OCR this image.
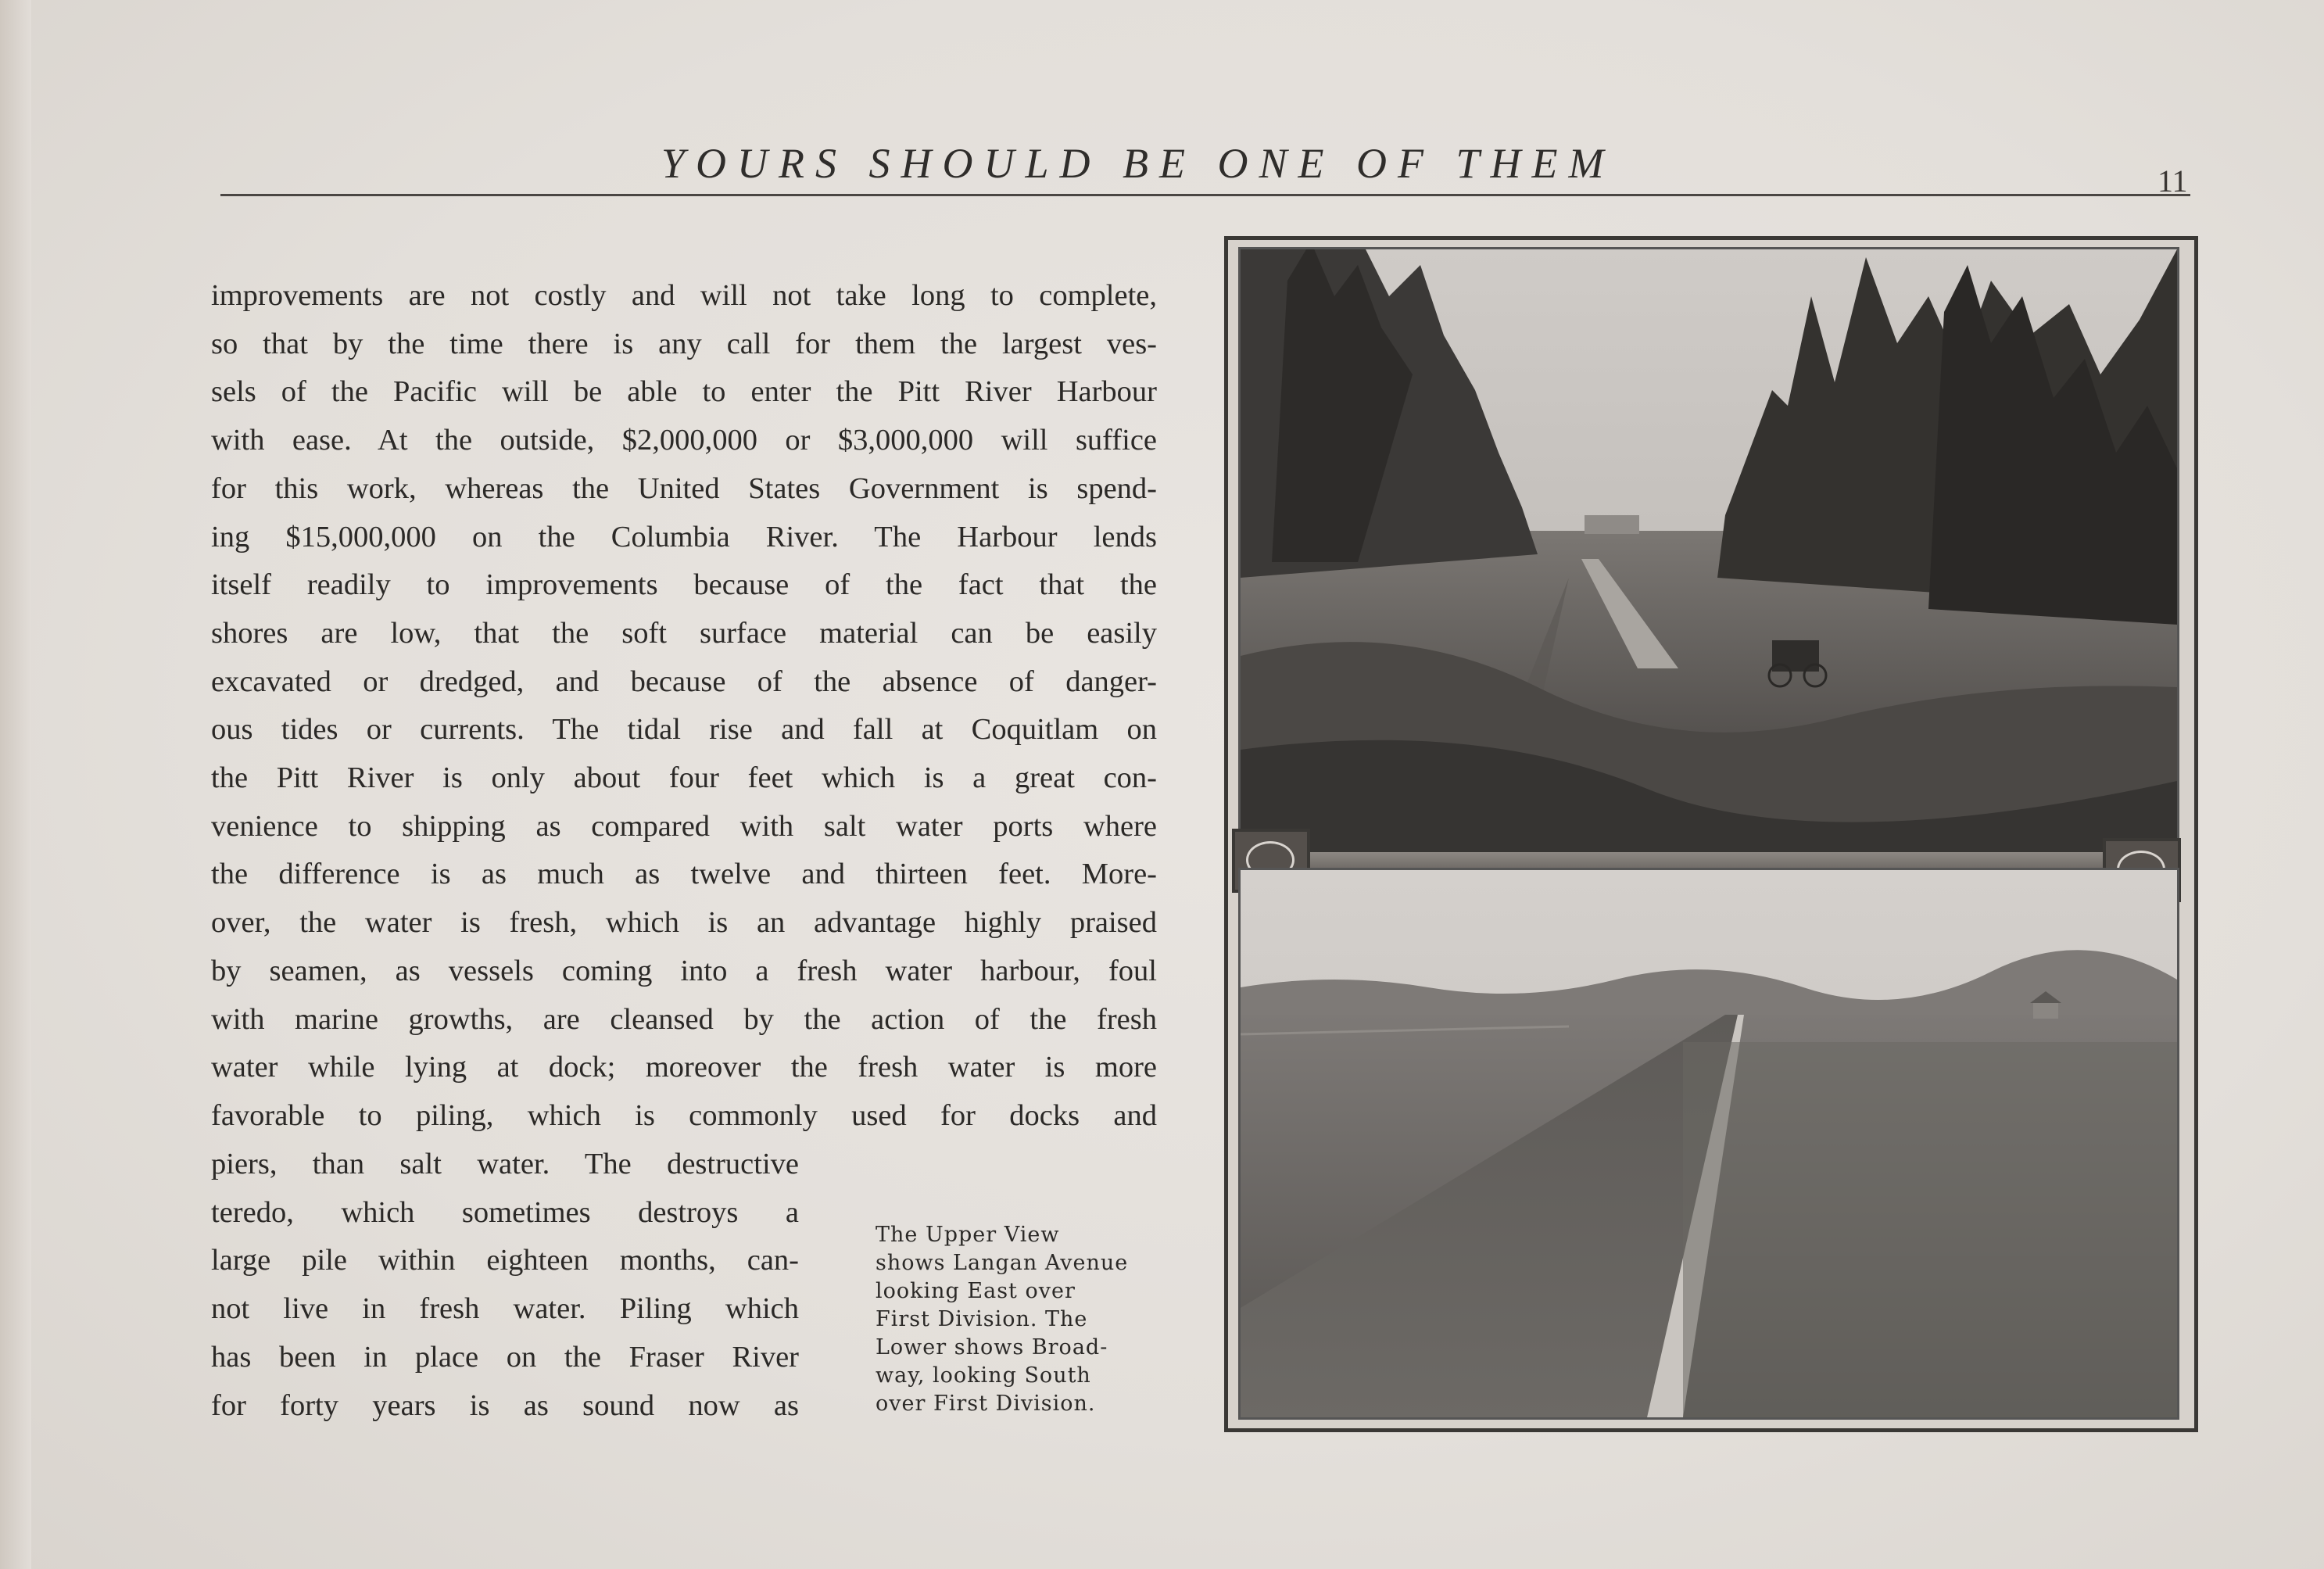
YOURS SHOULD BE ONE OF THEM	11
improvements are not costly and will not take long to complete,
so that by the time there is any call for them the largest ves-
sels of the Pacific will be able to enter the Pitt River Harbour
with ease. At the outside, $2,000,000 or $3,000,000 will suffice
for this work, whereas the United States Government is spend-
ing $15,000,000 on the Columbia River. The Harbour lends
itself readily to improvements because of the fact that the
shores are low, that the soft surface material can be easily
excavated or dredged, and because of the absence of danger-
ous tides or currents. The tidal rise and fall at Coquitlam on
the Pitt River is only about four feet which is a great con-
venience to shipping as compared with salt water ports where
the difference is as much as twelve and thirteen feet. More-
over, the water is fresh, which is an advantage highly praised
by seamen, as vessels coming into a fresh water harbour, foul
with marine growths, are cleansed by the action of the fresh
water while lying at dock; moreover the fresh water is more
favorable to piling, which is commonly used for docks and
piers, than salt water. The destructive
teredo, which sometimes destroys a
large pile within eighteen months, can-
not live in fresh water. Piling which
has been in place on the Fraser River
for forty years is as sound now as
The Upper View
shows Langan Avenue
looking East over
First Division. The
Lower shows Broad-
way, looking South
over First Division.
